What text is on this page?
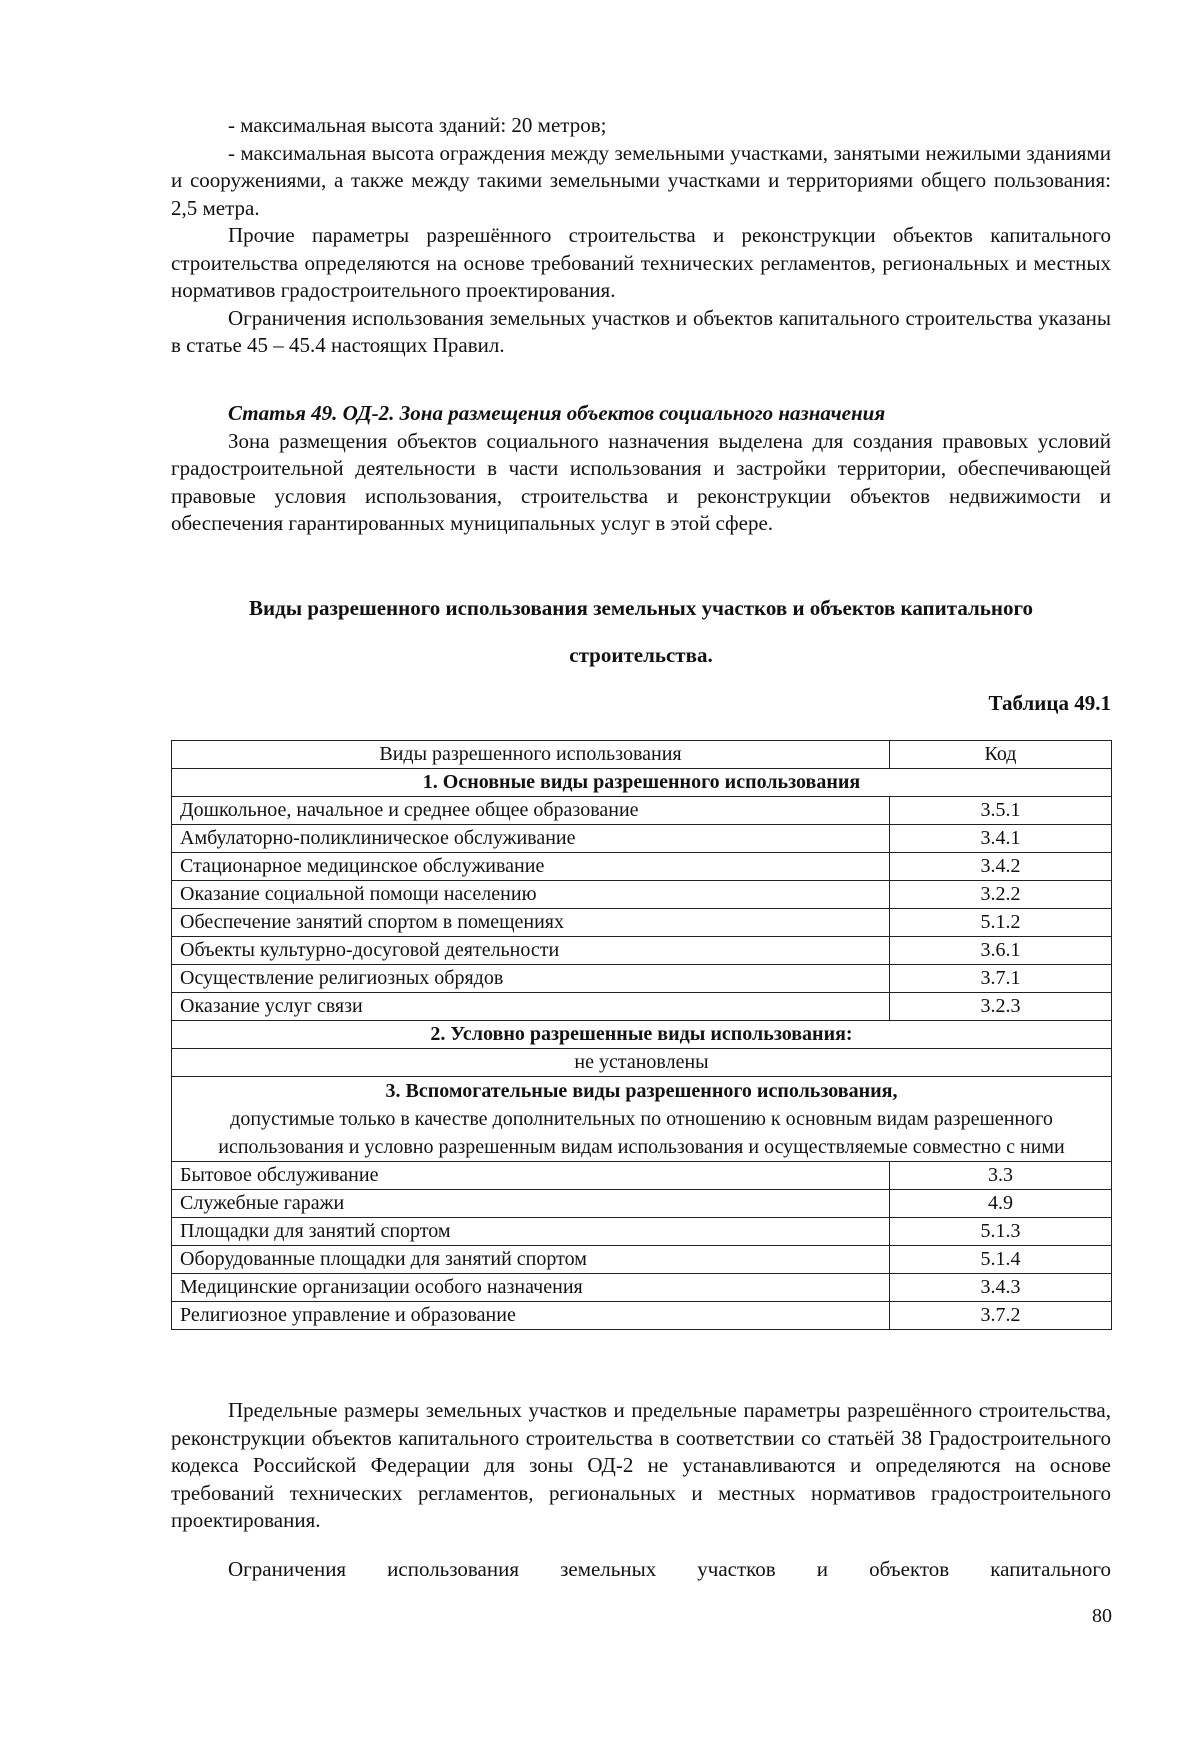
- максимальная высота зданий: 20 метров;

- максимальная высота ограждения между земельными участками, занятыми нежилыми зданиями и сооружениями, а также между такими земельными участками и территориями общего пользования: 2,5 метра.

Прочие параметры разрешённого строительства и реконструкции объектов капитального строительства определяются на основе требований технических регламентов, региональных и местных нормативов градостроительного проектирования.

Ограничения использования земельных участков и объектов капитального строительства указаны в статье 45 – 45.4 настоящих Правил.

Статья 49. ОД-2. Зона размещения объектов социального назначения

Зона размещения объектов социального назначения выделена для создания правовых условий градостроительной деятельности в части использования и застройки территории, обеспечивающей правовые условия использования, строительства и реконструкции объектов недвижимости и обеспечения гарантированных муниципальных услуг в этой сфере.

Виды разрешенного использования земельных участков и объектов капитального

строительства.

Таблица 49.1

Виды разрешенного использования	Код
1. Основные виды разрешенного использования	
Дошкольное, начальное и среднее общее образование	3.5.1
Амбулаторно-поликлиническое обслуживание	3.4.1
Стационарное медицинское обслуживание	3.4.2
Оказание социальной помощи населению	3.2.2
Обеспечение занятий спортом в помещениях	5.1.2
Объекты культурно-досуговой деятельности	3.6.1
Осуществление религиозных обрядов	3.7.1
Оказание услуг связи	3.2.3
2. Условно разрешенные виды использования:	
не установлены	

3. Вспомогательные виды разрешенного использования,
допустимые только в качестве дополнительных по отношению к основным видам разрешенного использования и условно разрешенным видам использования и осуществляемые совместно с ними	

Бытовое обслуживание	3.3
Служебные гаражи	4.9
Площадки для занятий спортом	5.1.3
Оборудованные площадки для занятий спортом	5.1.4
Медицинские организации особого назначения	3.4.3
Религиозное управление и образование	3.7.2

Предельные размеры земельных участков и предельные параметры разрешённого строительства, реконструкции объектов капитального строительства в соответствии со статьёй 38 Градостроительного кодекса Российской Федерации для зоны ОД-2 не устанавливаются и определяются на основе требований технических регламентов, региональных и местных нормативов градостроительного проектирования.

Ограничения использования земельных участков и объектов капитального

80
